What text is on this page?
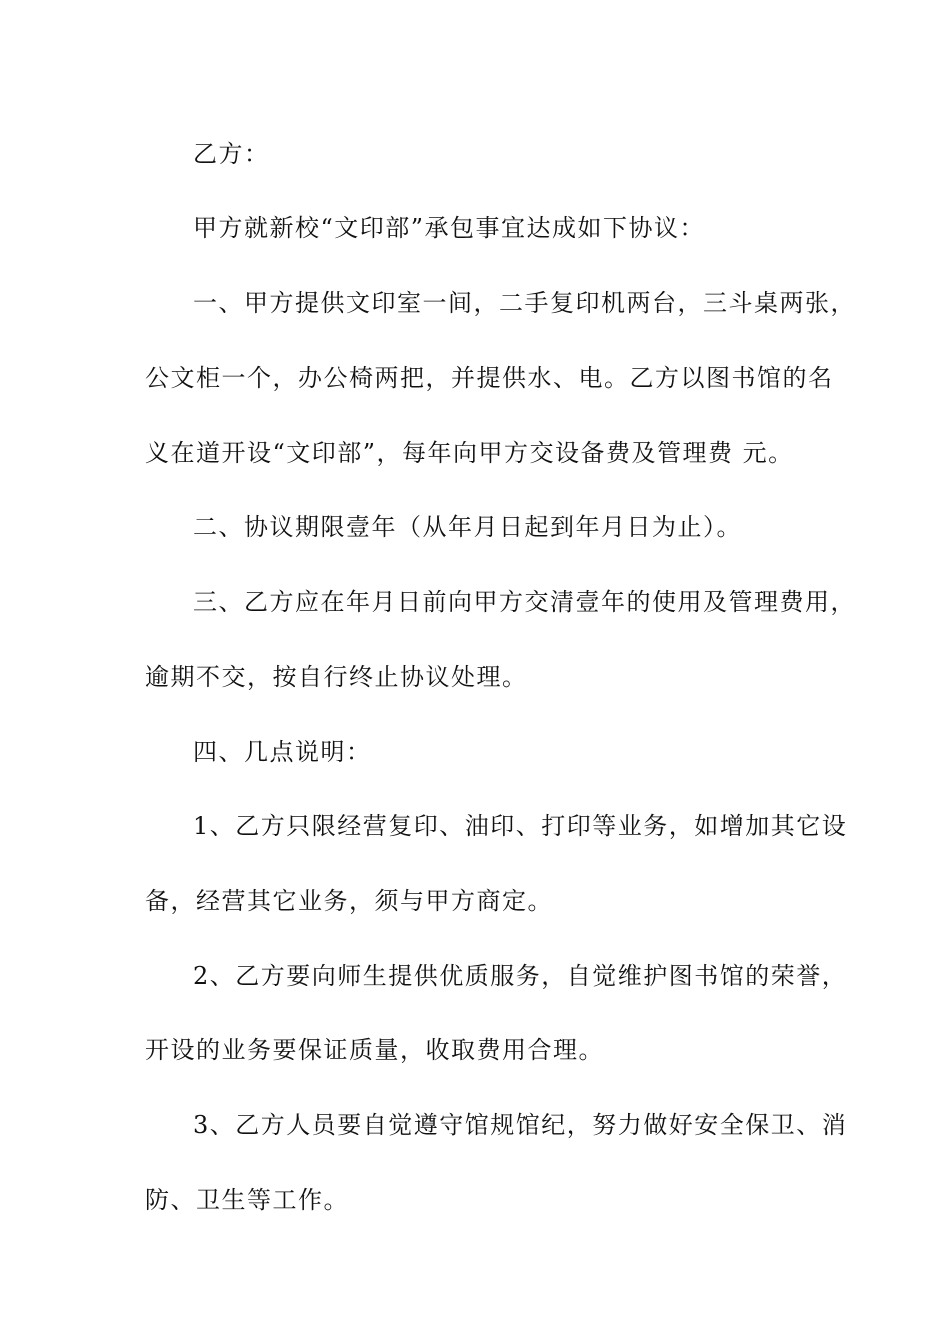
乙方：
甲方就新校“文印部”承包事宜达成如下协议：
一、甲方提供文印室一间，二手复印机两台，三斗桌两张，
公文柜一个，办公椅两把，并提供水、电。乙方以图书馆的名
义在道开设“文印部”，每年向甲方交设备费及管理费 元。
二、协议期限壹年（从年月日起到年月日为止）。
三、乙方应在年月日前向甲方交清壹年的使用及管理费用，
逾期不交，按自行终止协议处理。
四、几点说明：
1、乙方只限经营复印、油印、打印等业务，如增加其它设
备，经营其它业务，须与甲方商定。
2、乙方要向师生提供优质服务，自觉维护图书馆的荣誉，
开设的业务要保证质量，收取费用合理。
3、乙方人员要自觉遵守馆规馆纪，努力做好安全保卫、消
防、卫生等工作。
